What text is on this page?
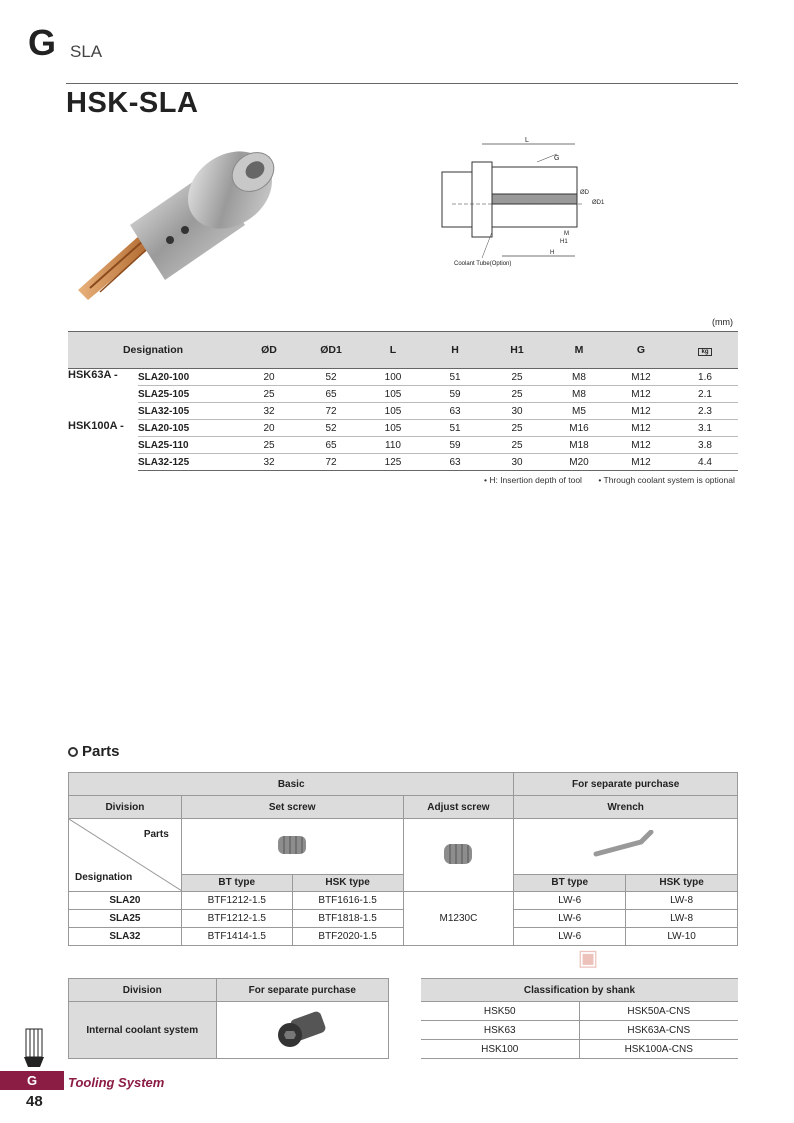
G SLA
HSK-SLA
L
G
ØD1
ØD
M
H1
H
Coolant Tube(Option)
(mm)
Designation		ØD	ØD1	L	H	H1	M	G	kg
HSK63A -	SLA20-100	20	52	100	51	25	M8	M12	1.6
	SLA25-105	25	65	105	59	25	M8	M12	2.1
	SLA32-105	32	72	105	63	30	M5	M12	2.3
HSK100A -	SLA20-105	20	52	105	51	25	M16	M12	3.1
	SLA25-110	25	65	110	59	25	M18	M12	3.8
	SLA32-125	32	72	125	63	30	M20	M12	4.4
• H: Insertion depth of tool • Through coolant system is optional
Parts
Basic				For separate purchase	
Division	Set screw		Adjust screw	Wrench	

Parts
Designation

	BT type	HSK type		BT type	HSK type
SLA20	BTF1212-1.5	BTF1616-1.5	M1230C	LW-6	LW-8
SLA25	BTF1212-1.5	BTF1818-1.5		LW-6	LW-8
SLA32	BTF1414-1.5	BTF2020-1.5		LW-6	LW-10
Division	For separate purchase
Internal coolant system	
▣
Classification by shank	
HSK50	HSK50A-CNS
HSK63	HSK63A-CNS
HSK100	HSK100A-CNS
G	Tooling System
48
